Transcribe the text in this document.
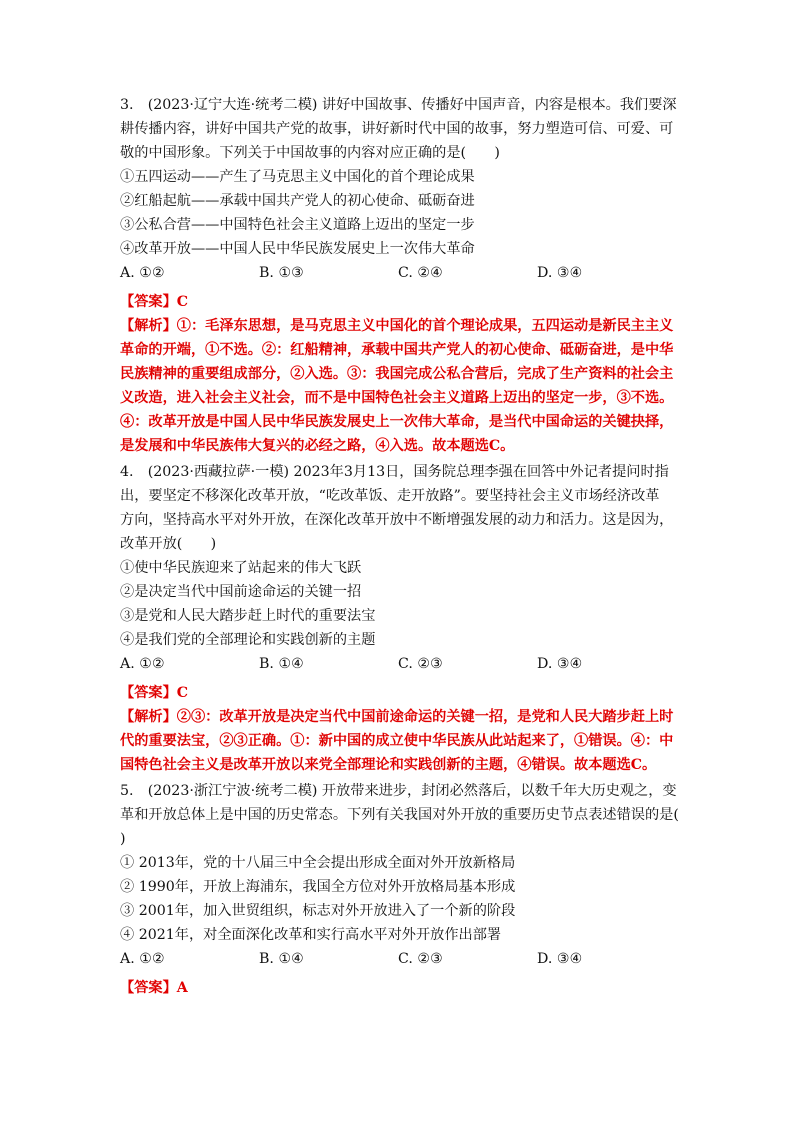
3.　(2023·辽宁大连·统考二模) 讲好中国故事、传播好中国声音，内容是根本。我们要深
耕传播内容，讲好中国共产党的故事，讲好新时代中国的故事，努力塑造可信、可爱、可
敬的中国形象。下列关于中国故事的内容对应正确的是(　　)
①五四运动——产生了马克思主义中国化的首个理论成果
②红船起航——承载中国共产党人的初心使命、砥砺奋进
③公私合营——中国特色社会主义道路上迈出的坚定一步
④改革开放——中国人民中华民族发展史上一次伟大革命
A. ①②	B. ①③	C. ②④	D. ③④
【答案】C
【解析】①：毛泽东思想，是马克思主义中国化的首个理论成果，五四运动是新民主主义
革命的开端，①不选。②：红船精神，承载中国共产党人的初心使命、砥砺奋进，是中华
民族精神的重要组成部分，②入选。③：我国完成公私合营后，完成了生产资料的社会主
义改造，进入社会主义社会，而不是中国特色社会主义道路上迈出的坚定一步，③不选。
④：改革开放是中国人民中华民族发展史上一次伟大革命，是当代中国命运的关键抉择，
是发展和中华民族伟大复兴的必经之路，④入选。故本题选C。
4.　(2023·西藏拉萨·一模) 2023年3月13日，国务院总理李强在回答中外记者提问时指
出，要坚定不移深化改革开放，“吃改革饭、走开放路”。要坚持社会主义市场经济改革
方向，坚持高水平对外开放，在深化改革开放中不断增强发展的动力和活力。这是因为，
改革开放(　　)
①使中华民族迎来了站起来的伟大飞跃
②是决定当代中国前途命运的关键一招
③是党和人民大踏步赶上时代的重要法宝
④是我们党的全部理论和实践创新的主题
A. ①②	B. ①④	C. ②③	D. ③④
【答案】C
【解析】②③：改革开放是决定当代中国前途命运的关键一招，是党和人民大踏步赶上时
代的重要法宝，②③正确。①：新中国的成立使中华民族从此站起来了，①错误。④：中
国特色社会主义是改革开放以来党全部理论和实践创新的主题，④错误。故本题选C。
5.　(2023·浙江宁波·统考二模) 开放带来进步，封闭必然落后，以数千年大历史观之，变
革和开放总体上是中国的历史常态。下列有关我国对外开放的重要历史节点表述错误的是(
)
① 2013年，党的十八届三中全会提出形成全面对外开放新格局
② 1990年，开放上海浦东，我国全方位对外开放格局基本形成
③ 2001年，加入世贸组织，标志对外开放进入了一个新的阶段
④ 2021年，对全面深化改革和实行高水平对外开放作出部署
A. ①②	B. ①④	C. ②③	D. ③④
【答案】A
